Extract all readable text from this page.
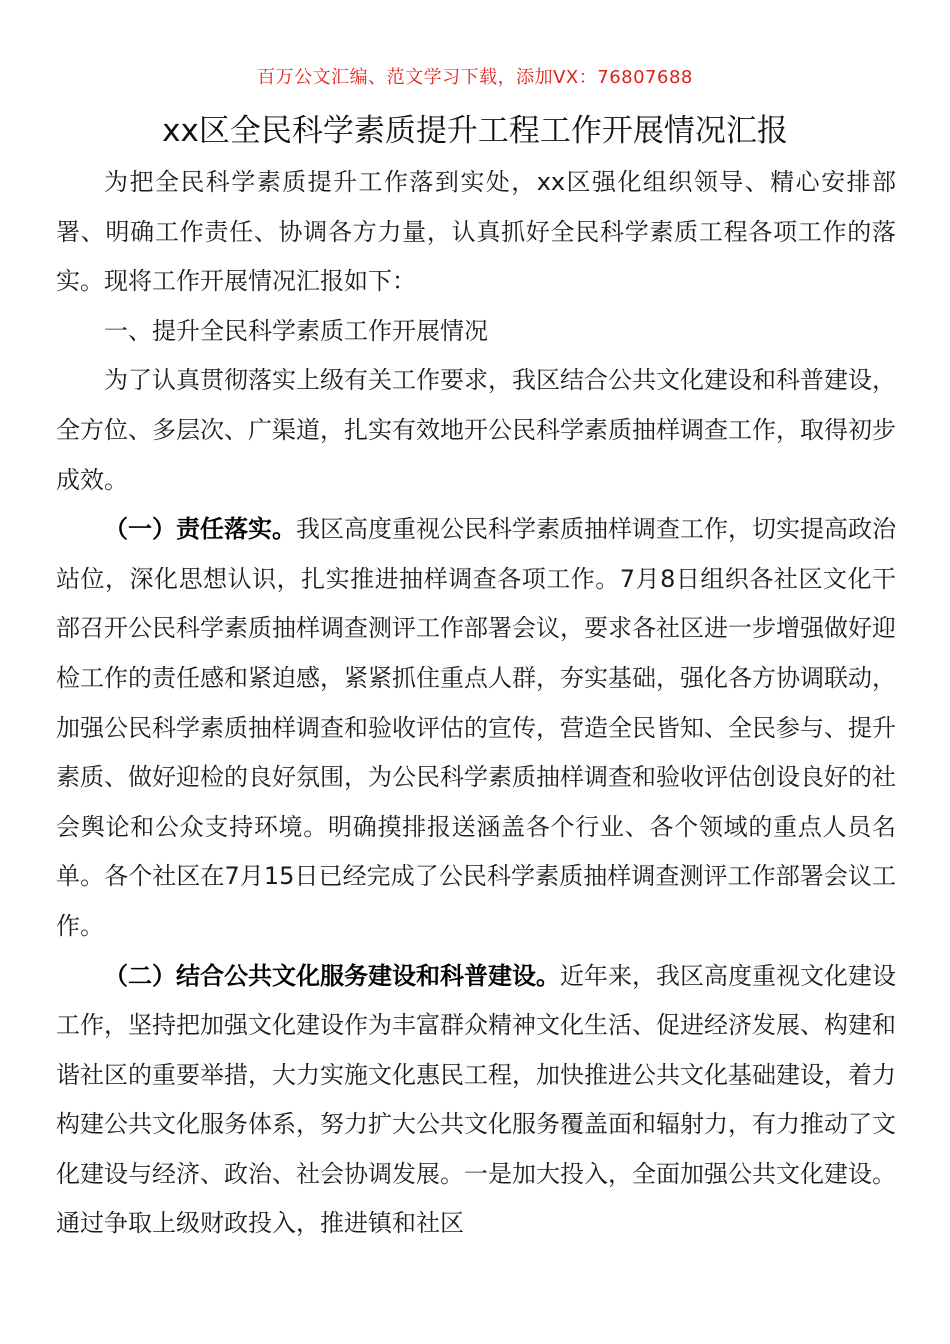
百万公文汇编、范文学习下载，添加VX：76807688
xx区全民科学素质提升工程工作开展情况汇报

为把全民科学素质提升工作落到实处，xx区强化组织领导、精心安排部署、明确工作责任、协调各方力量，认真抓好全民科学素质工程各项工作的落实。现将工作开展情况汇报如下：

一、提升全民科学素质工作开展情况

为了认真贯彻落实上级有关工作要求，我区结合公共文化建设和科普建设，全方位、多层次、广渠道，扎实有效地开公民科学素质抽样调查工作，取得初步成效。

（一）责任落实。我区高度重视公民科学素质抽样调查工作，切实提高政治站位，深化思想认识，扎实推进抽样调查各项工作。7月8日组织各社区文化干部召开公民科学素质抽样调查测评工作部署会议，要求各社区进一步增强做好迎检工作的责任感和紧迫感，紧紧抓住重点人群，夯实基础，强化各方协调联动，加强公民科学素质抽样调查和验收评估的宣传，营造全民皆知、全民参与、提升素质、做好迎检的良好氛围，为公民科学素质抽样调查和验收评估创设良好的社会舆论和公众支持环境。明确摸排报送涵盖各个行业、各个领域的重点人员名单。各个社区在7月15日已经完成了公民科学素质抽样调查测评工作部署会议工作。

（二）结合公共文化服务建设和科普建设。近年来，我区高度重视文化建设工作，坚持把加强文化建设作为丰富群众精神文化生活、促进经济发展、构建和谐社区的重要举措，大力实施文化惠民工程，加快推进公共文化基础建设，着力构建公共文化服务体系，努力扩大公共文化服务覆盖面和辐射力，有力推动了文化建设与经济、政治、社会协调发展。一是加大投入，全面加强公共文化建设。通过争取上级财政投入，推进镇和社区
